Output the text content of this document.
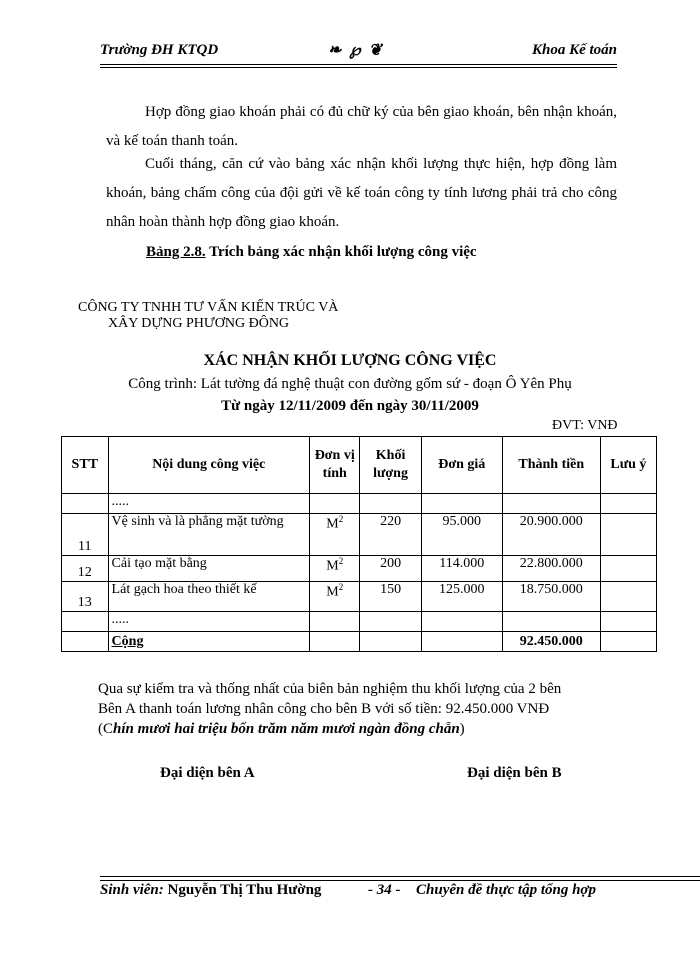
Trường ĐH KTQD	❧ ℘ ❦	Khoa Kế toán
Hợp đồng giao khoán phải có đủ chữ ký của bên giao khoán, bên nhận khoán, và kế toán thanh toán.
Cuối tháng, căn cứ vào bảng xác nhận khối lượng thực hiện, hợp đồng làm khoán, bảng chấm công của đội gửi về kế toán công ty tính lương phải trả cho công nhân hoàn thành hợp đồng giao khoán.
Bảng 2.8. Trích bảng xác nhận khối lượng công việc
CÔNG TY TNHH TƯ VẤN KIẾN TRÚC VÀ
XÂY DỰNG PHƯƠNG ĐÔNG
XÁC NHẬN KHỐI LƯỢNG CÔNG VIỆC
Công trình: Lát tường đá nghệ thuật con đường gốm sứ - đoạn Ô Yên Phụ
Từ ngày 12/11/2009 đến ngày 30/11/2009
ĐVT: VNĐ
STT	Nội dung công việc	Đơn vị tính	Khối lượng	Đơn giá	Thành tiền	Lưu ý
	.....					
11	Vệ sinh và là phẳng mặt tường	$M^2$	220	95.000	20.900.000	
12	Cải tạo mặt bằng	$M^2$	200	114.000	22.800.000	
13	Lát gạch hoa theo thiết kế	$M^2$	150	125.000	18.750.000	
	.....					
	Cộng				92.450.000	
Qua sự kiểm tra và thống nhất của biên bản nghiệm thu khối lượng của 2 bên
Bên A thanh toán lương nhân công cho bên B với số tiền: 92.450.000 VNĐ
(Chín mươi hai triệu bốn trăm năm mươi ngàn đồng chẵn)
Đại diện bên A	Đại diện bên B
Sinh viên: Nguyễn Thị Thu Hường	- 34 - Chuyên đề thực tập tổng hợp
